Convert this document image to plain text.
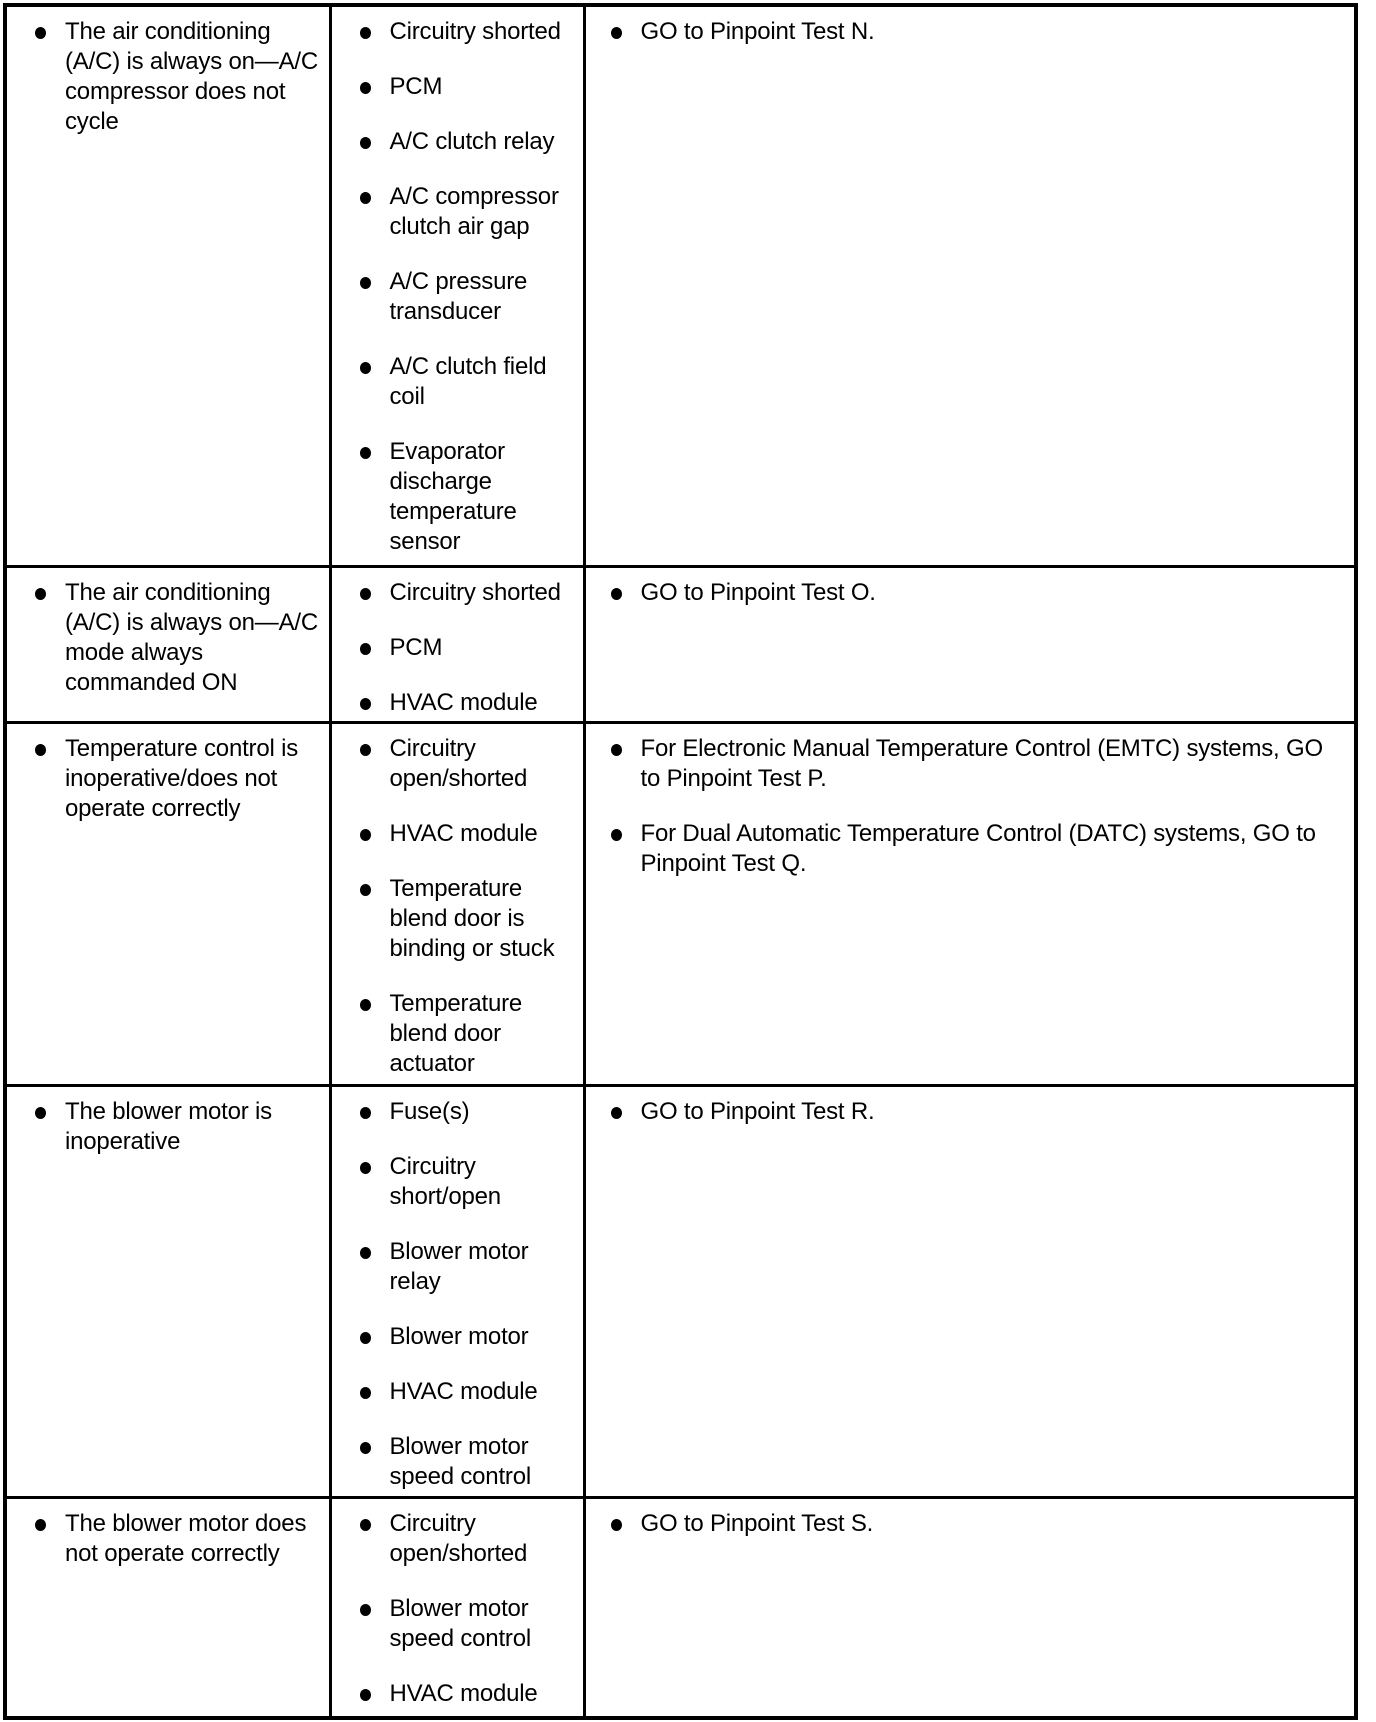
The air conditioning (A/C) is always on—A/C compressor does not cycle

Circuitry shorted
PCM
A/C clutch relay
A/C compressor clutch air gap
A/C pressure transducer
A/C clutch field coil
Evaporator discharge temperature sensor

GO to Pinpoint Test N.

The air conditioning (A/C) is always on—A/C mode always commanded ON

Circuitry shorted
PCM
HVAC module

GO to Pinpoint Test O.

Temperature control is inoperative/does not operate correctly

Circuitry open/shorted
HVAC module
Temperature blend door is binding or stuck
Temperature blend door actuator

For Electronic Manual Temperature Control (EMTC) systems, GO to Pinpoint Test P.
For Dual Automatic Temperature Control (DATC) systems, GO to Pinpoint Test Q.

The blower motor is inoperative

Fuse(s)
Circuitry short/open
Blower motor relay
Blower motor
HVAC module
Blower motor speed control

GO to Pinpoint Test R.

The blower motor does not operate correctly

Circuitry open/shorted
Blower motor speed control
HVAC module

GO to Pinpoint Test S.
